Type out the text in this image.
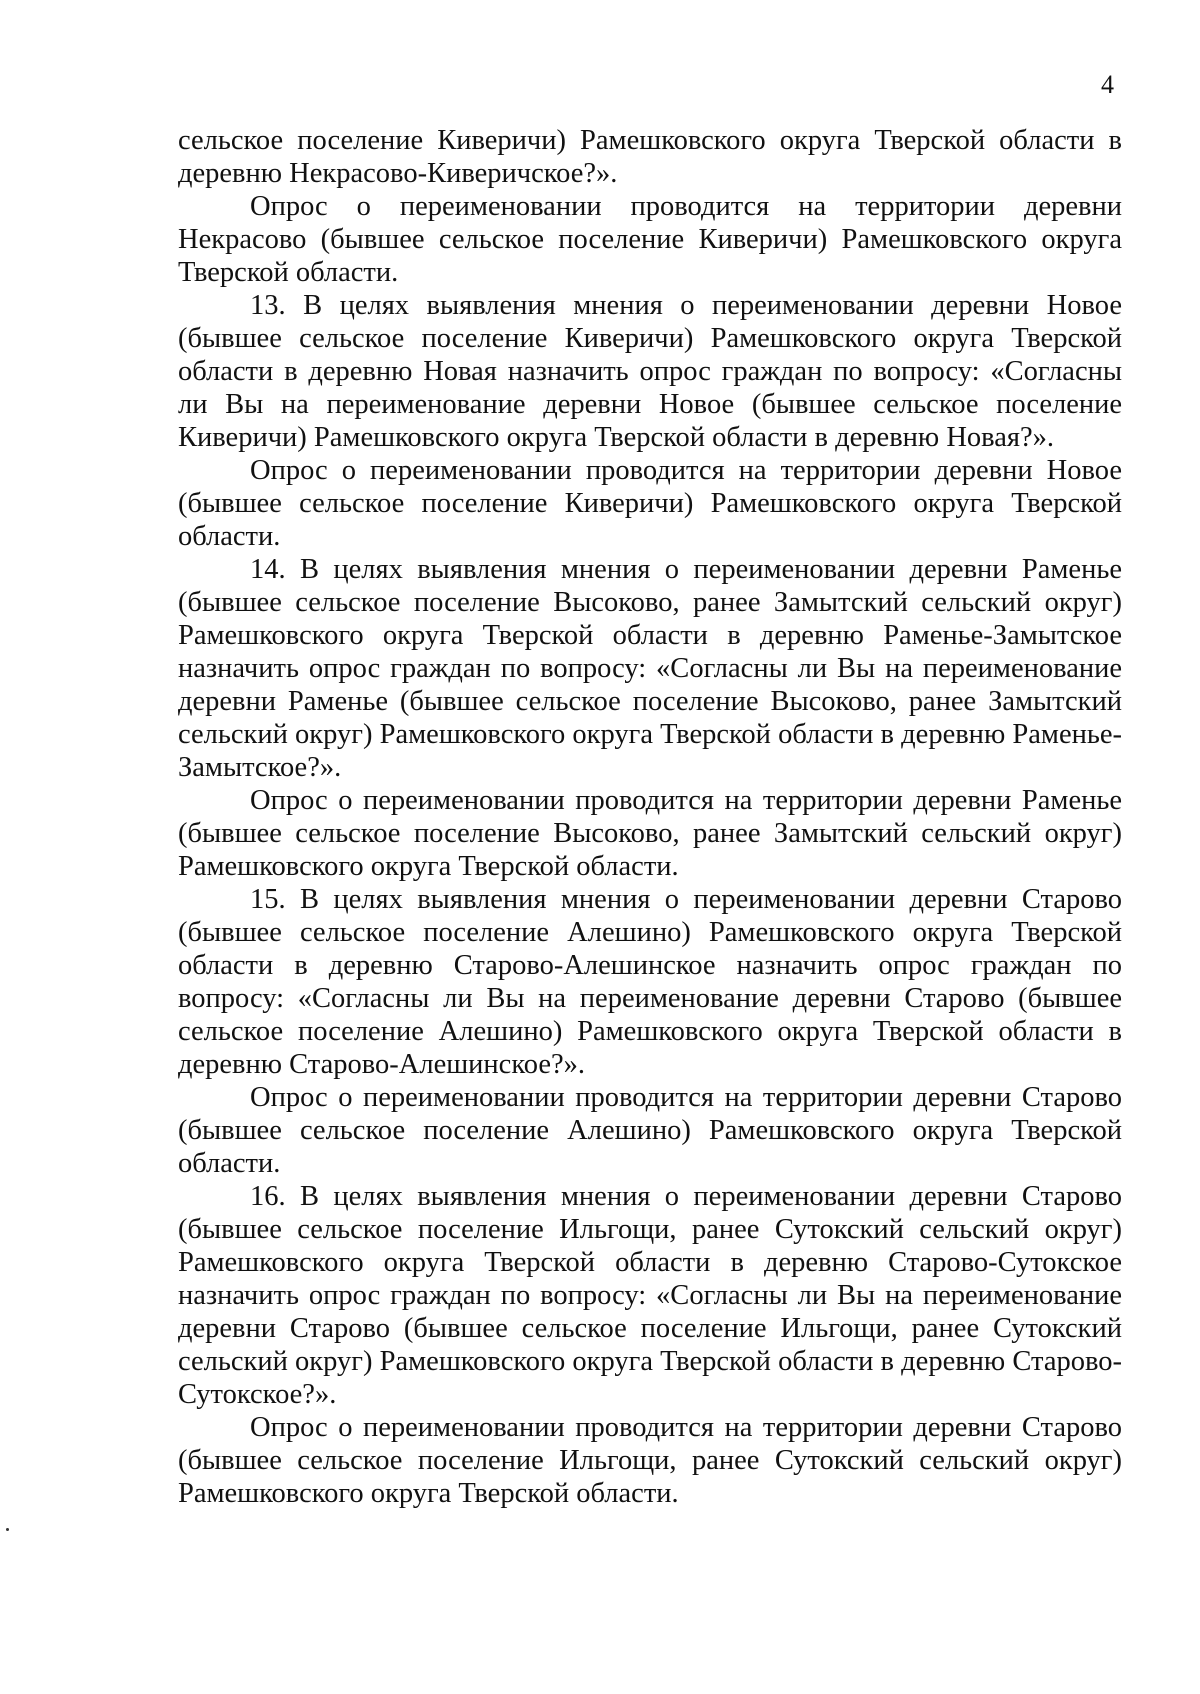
4

сельское поселение Киверичи) Рамешковского округа Тверской области в деревню Некрасово-Киверичское?».

Опрос о переименовании проводится на территории деревни Некрасово (бывшее сельское поселение Киверичи) Рамешковского округа Тверской области.

13. В целях выявления мнения о переименовании деревни Новое (бывшее сельское поселение Киверичи) Рамешковского округа Тверской области в деревню Новая назначить опрос граждан по вопросу: «Согласны ли Вы на переименование деревни Новое (бывшее сельское поселение Киверичи) Рамешковского округа Тверской области в деревню Новая?».

Опрос о переименовании проводится на территории деревни Новое (бывшее сельское поселение Киверичи) Рамешковского округа Тверской области.

14. В целях выявления мнения о переименовании деревни Раменье (бывшее сельское поселение Высоково, ранее Замытский сельский округ) Рамешковского округа Тверской области в деревню Раменье-Замытское назначить опрос граждан по вопросу: «Согласны ли Вы на переименование деревни Раменье (бывшее сельское поселение Высоково, ранее Замытский сельский округ) Рамешковского округа Тверской области в деревню Раменье-Замытское?».

Опрос о переименовании проводится на территории деревни Раменье (бывшее сельское поселение Высоково, ранее Замытский сельский округ) Рамешковского округа Тверской области.

15. В целях выявления мнения о переименовании деревни Старово (бывшее сельское поселение Алешино) Рамешковского округа Тверской области в деревню Старово-Алешинское назначить опрос граждан по вопросу: «Согласны ли Вы на переименование деревни Старово (бывшее сельское поселение Алешино) Рамешковского округа Тверской области в деревню Старово-Алешинское?».

Опрос о переименовании проводится на территории деревни Старово (бывшее сельское поселение Алешино) Рамешковского округа Тверской области.

16. В целях выявления мнения о переименовании деревни Старово (бывшее сельское поселение Ильгощи, ранее Сутокский сельский округ) Рамешковского округа Тверской области в деревню Старово-Сутокское назначить опрос граждан по вопросу: «Согласны ли Вы на переименование деревни Старово (бывшее сельское поселение Ильгощи, ранее Сутокский сельский округ) Рамешковского округа Тверской области в деревню Старово-Сутокское?».

Опрос о переименовании проводится на территории деревни Старово (бывшее сельское поселение Ильгощи, ранее Сутокский сельский округ) Рамешковского округа Тверской области.
